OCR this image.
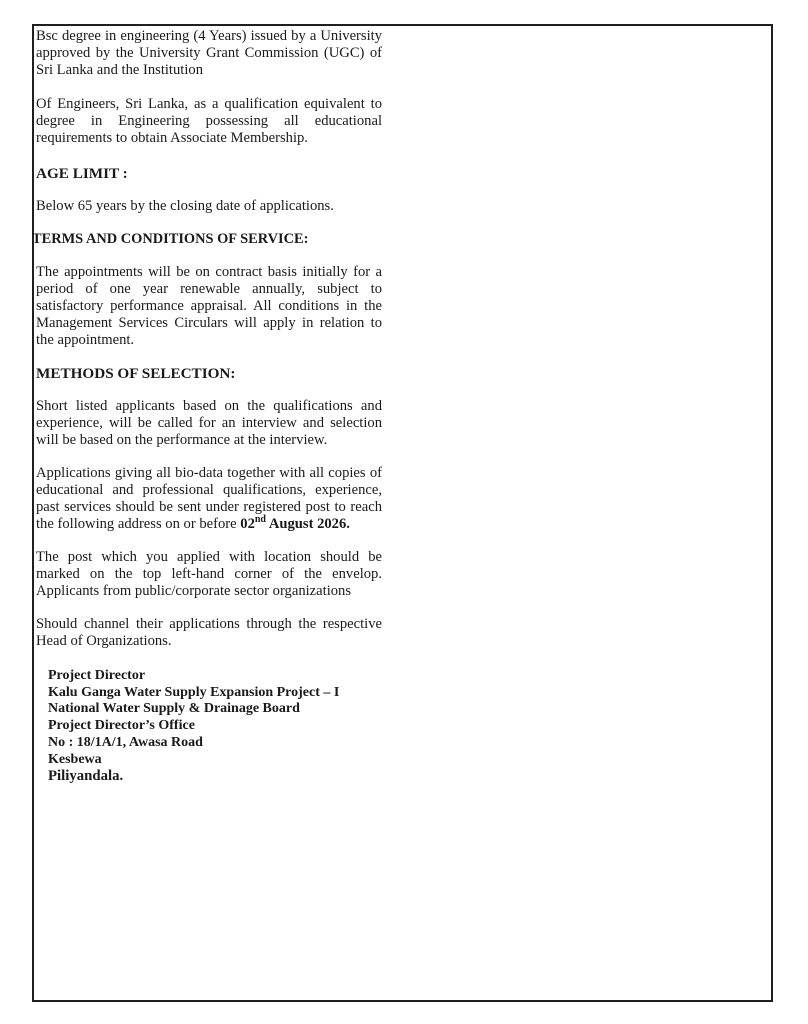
Bsc degree in engineering (4 Years) issued by a University approved by the University Grant Commission (UGC) of Sri Lanka and the Institution

Of Engineers, Sri Lanka, as a qualification equivalent to degree in Engineering possessing all educational requirements to obtain Associate Membership.

AGE LIMIT :

Below 65 years by the closing date of applications.

TERMS AND CONDITIONS OF SERVICE:

The appointments will be on contract basis initially for a period of one year renewable annually, subject to satisfactory performance appraisal. All conditions in the Management Services Circulars will apply in relation to the appointment.

METHODS OF SELECTION:

Short listed applicants based on the qualifications and experience, will be called for an interview and selection will be based on the performance at the interview.

Applications giving all bio-data together with all copies of educational and professional qualifications, experience, past services should be sent under registered post to reach the following address on or before 02nd August 2026.

The post which you applied with location should be marked on the top left-hand corner of the envelop. Applicants from public/corporate sector organizations

Should channel their applications through the respective Head of Organizations.

Project Director
Kalu Ganga Water Supply Expansion Project – I
National Water Supply & Drainage Board
Project Director’s Office
No : 18/1A/1, Awasa Road
Kesbewa
Piliyandala.
